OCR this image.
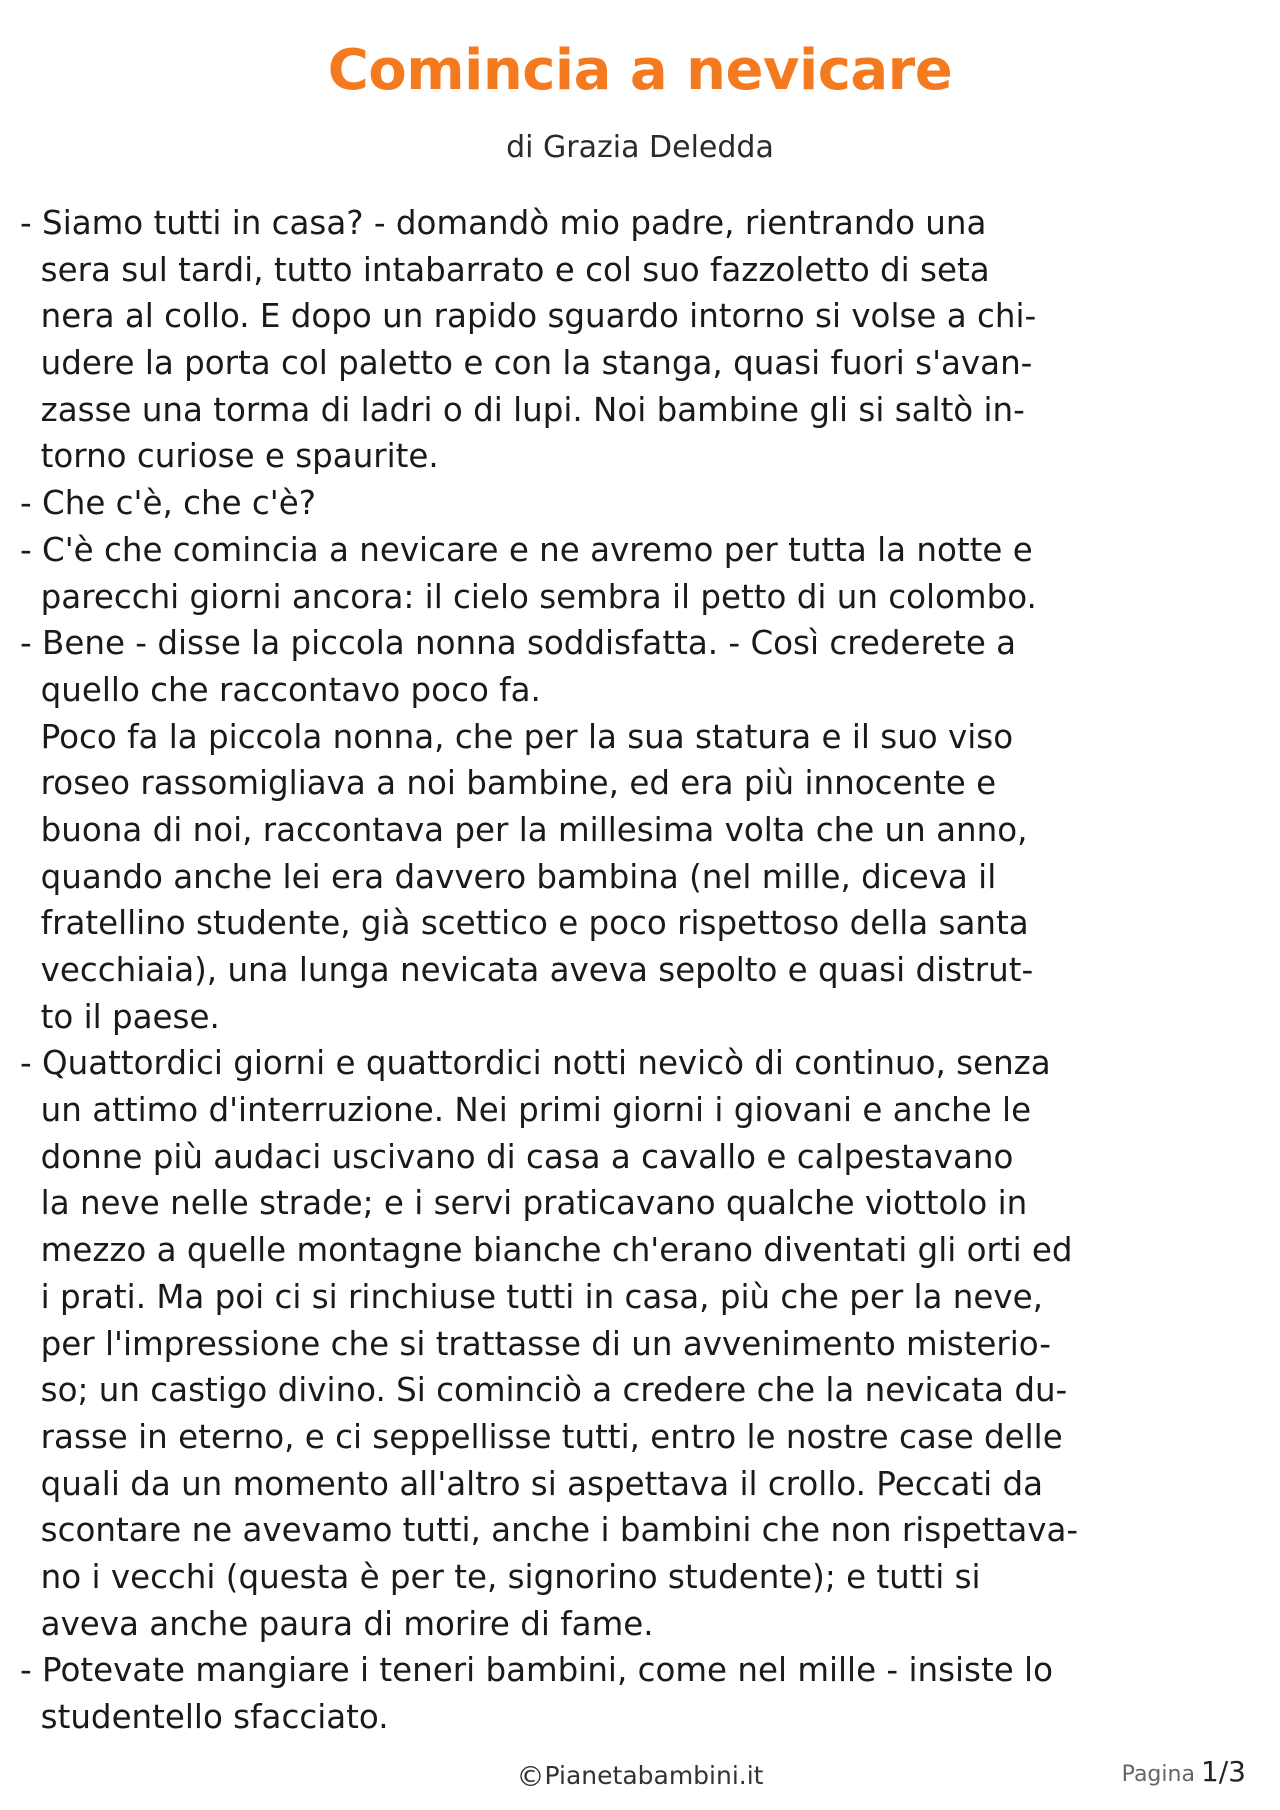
Comincia a nevicare
di Grazia Deledda
- Siamo tutti in casa? - domandò mio padre, rientrando una
sera sul tardi, tutto intabarrato e col suo fazzoletto di seta
nera al collo. E dopo un rapido sguardo intorno si volse a chi-
udere la porta col paletto e con la stanga, quasi fuori s'avan-
zasse una torma di ladri o di lupi. Noi bambine gli si saltò in-
torno curiose e spaurite.
- Che c'è, che c'è?
- C'è che comincia a nevicare e ne avremo per tutta la notte e
parecchi giorni ancora: il cielo sembra il petto di un colombo.
- Bene - disse la piccola nonna soddisfatta. - Così crederete a
quello che raccontavo poco fa.
Poco fa la piccola nonna, che per la sua statura e il suo viso
roseo rassomigliava a noi bambine, ed era più innocente e
buona di noi, raccontava per la millesima volta che un anno,
quando anche lei era davvero bambina (nel mille, diceva il
fratellino studente, già scettico e poco rispettoso della santa
vecchiaia), una lunga nevicata aveva sepolto e quasi distrut-
to il paese.
- Quattordici giorni e quattordici notti nevicò di continuo, senza
un attimo d'interruzione. Nei primi giorni i giovani e anche le
donne più audaci uscivano di casa a cavallo e calpestavano
la neve nelle strade; e i servi praticavano qualche viottolo in
mezzo a quelle montagne bianche ch'erano diventati gli orti ed
i prati. Ma poi ci si rinchiuse tutti in casa, più che per la neve,
per l'impressione che si trattasse di un avvenimento misterio-
so; un castigo divino. Si cominciò a credere che la nevicata du-
rasse in eterno, e ci seppellisse tutti, entro le nostre case delle
quali da un momento all'altro si aspettava il crollo. Peccati da
scontare ne avevamo tutti, anche i bambini che non rispettava-
no i vecchi (questa è per te, signorino studente); e tutti si
aveva anche paura di morire di fame.
- Potevate mangiare i teneri bambini, come nel mille - insiste lo
studentello sfacciato.
©Pianetabambini.it	Pagina 1/3
